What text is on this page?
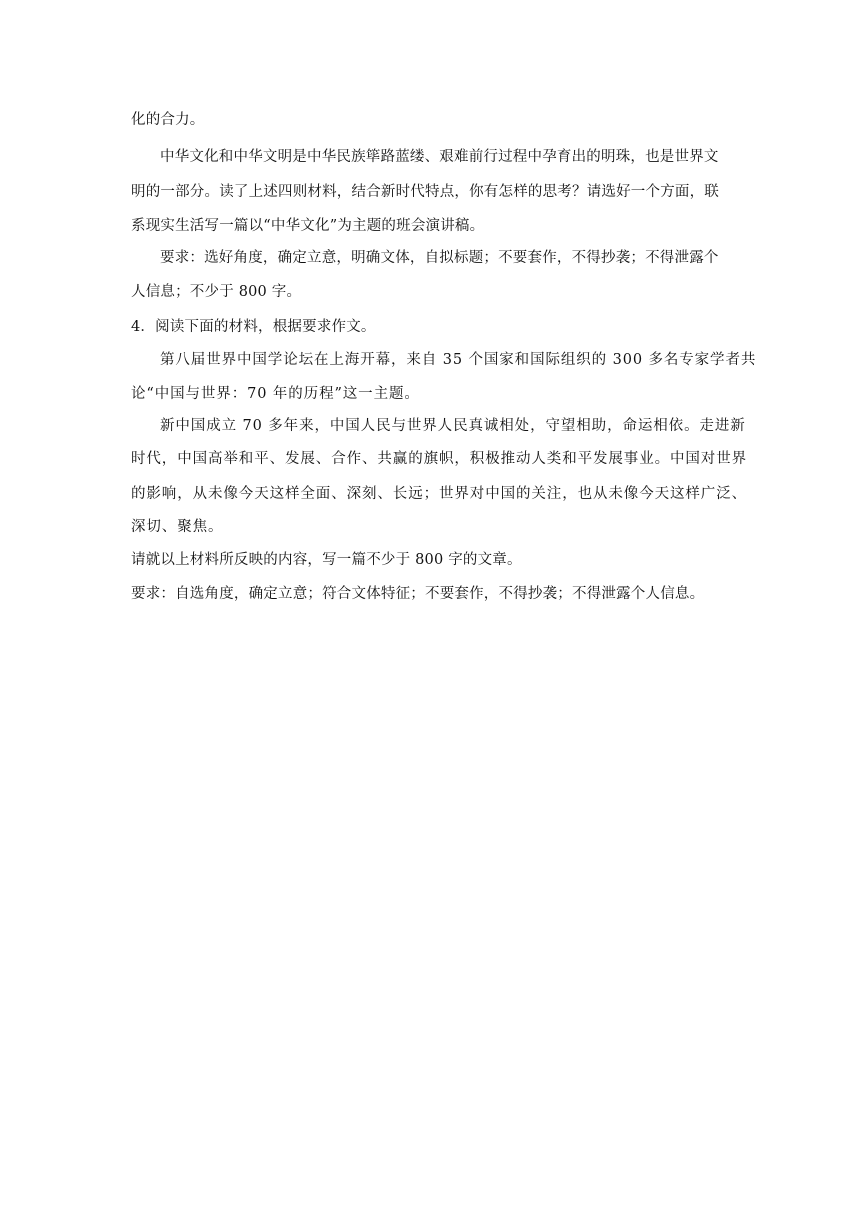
化的合力。
中华文化和中华文明是中华民族筚路蓝缕、艰难前行过程中孕育出的明珠，也是世界文
明的一部分。读了上述四则材料，结合新时代特点，你有怎样的思考？请选好一个方面，联
系现实生活写一篇以“中华文化”为主题的班会演讲稿。
要求：选好角度，确定立意，明确文体，自拟标题；不要套作，不得抄袭；不得泄露个
人信息；不少于 800 字。
4．阅读下面的材料，根据要求作文。
第八届世界中国学论坛在上海开幕，来自 35 个国家和国际组织的 300 多名专家学者共
论“中国与世界：70 年的历程”这一主题。
新中国成立 70 多年来，中国人民与世界人民真诚相处，守望相助，命运相依。走进新
时代，中国高举和平、发展、合作、共赢的旗帜，积极推动人类和平发展事业。中国对世界
的影响，从未像今天这样全面、深刻、长远；世界对中国的关注，也从未像今天这样广泛、
深切、聚焦。
请就以上材料所反映的内容，写一篇不少于 800 字的文章。
要求：自选角度，确定立意；符合文体特征；不要套作，不得抄袭；不得泄露个人信息。
